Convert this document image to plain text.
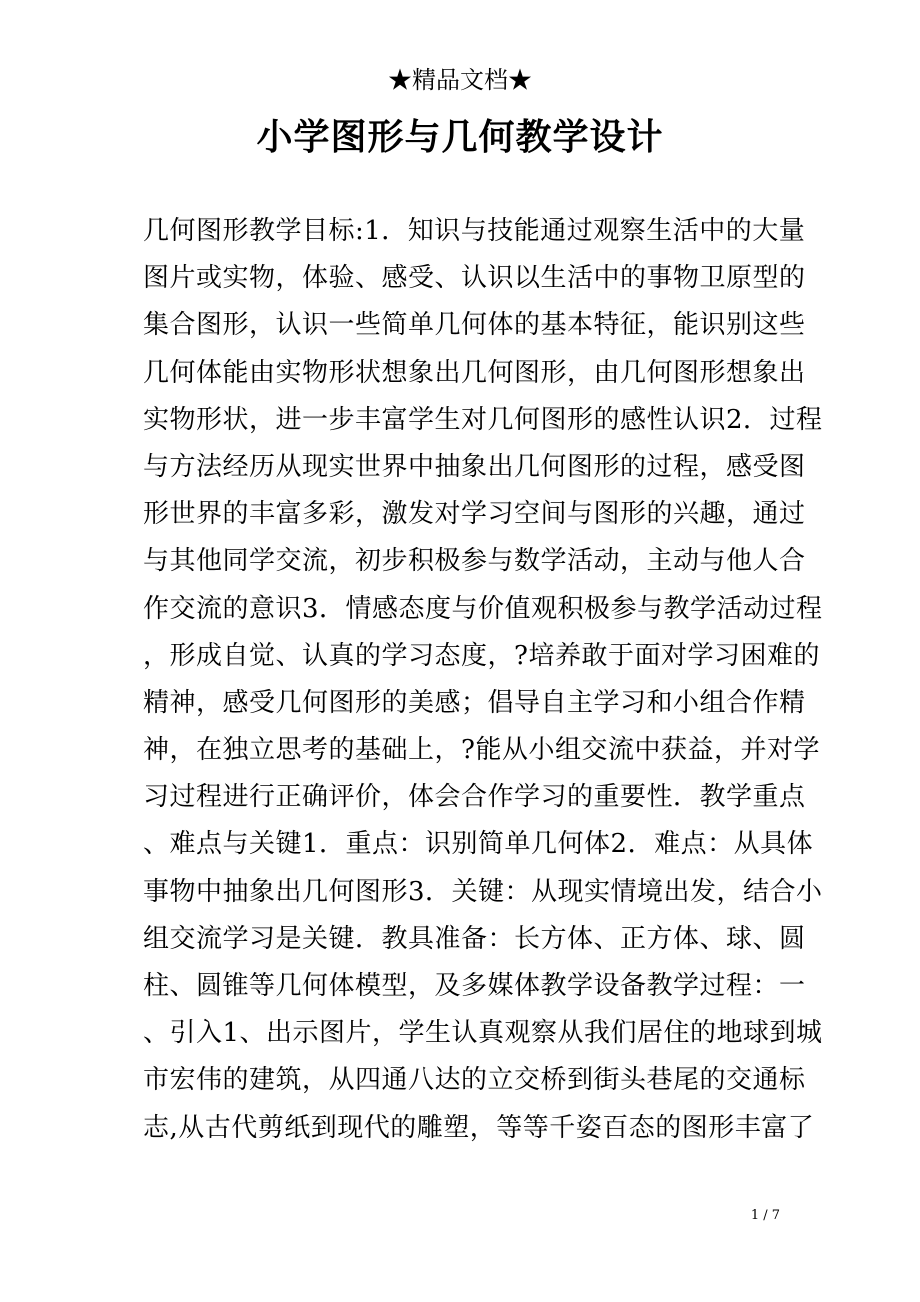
★精品文档★
小学图形与几何教学设计
几何图形教学目标:1．知识与技能通过观察生活中的大量
图片或实物，体验、感受、认识以生活中的事物卫原型的
集合图形，认识一些简单几何体的基本特征，能识别这些
几何体能由实物形状想象出几何图形，由几何图形想象出
实物形状，进一步丰富学生对几何图形的感性认识2．过程
与方法经历从现实世界中抽象出几何图形的过程，感受图
形世界的丰富多彩，激发对学习空间与图形的兴趣，通过
与其他同学交流，初步积极参与数学活动，主动与他人合
作交流的意识3．情感态度与价值观积极参与教学活动过程
，形成自觉、认真的学习态度，?培养敢于面对学习困难的
精神，感受几何图形的美感；倡导自主学习和小组合作精
神，在独立思考的基础上，?能从小组交流中获益，并对学
习过程进行正确评价，体会合作学习的重要性．教学重点
、难点与关键1．重点：识别简单几何体2．难点：从具体
事物中抽象出几何图形3．关键：从现实情境出发，结合小
组交流学习是关键．教具准备：长方体、正方体、球、圆
柱、圆锥等几何体模型，及多媒体教学设备教学过程：一
、引入1、出示图片，学生认真观察从我们居住的地球到城
市宏伟的建筑，从四通八达的立交桥到街头巷尾的交通标
志,从古代剪纸到现代的雕塑，等等千姿百态的图形丰富了
1 / 7
